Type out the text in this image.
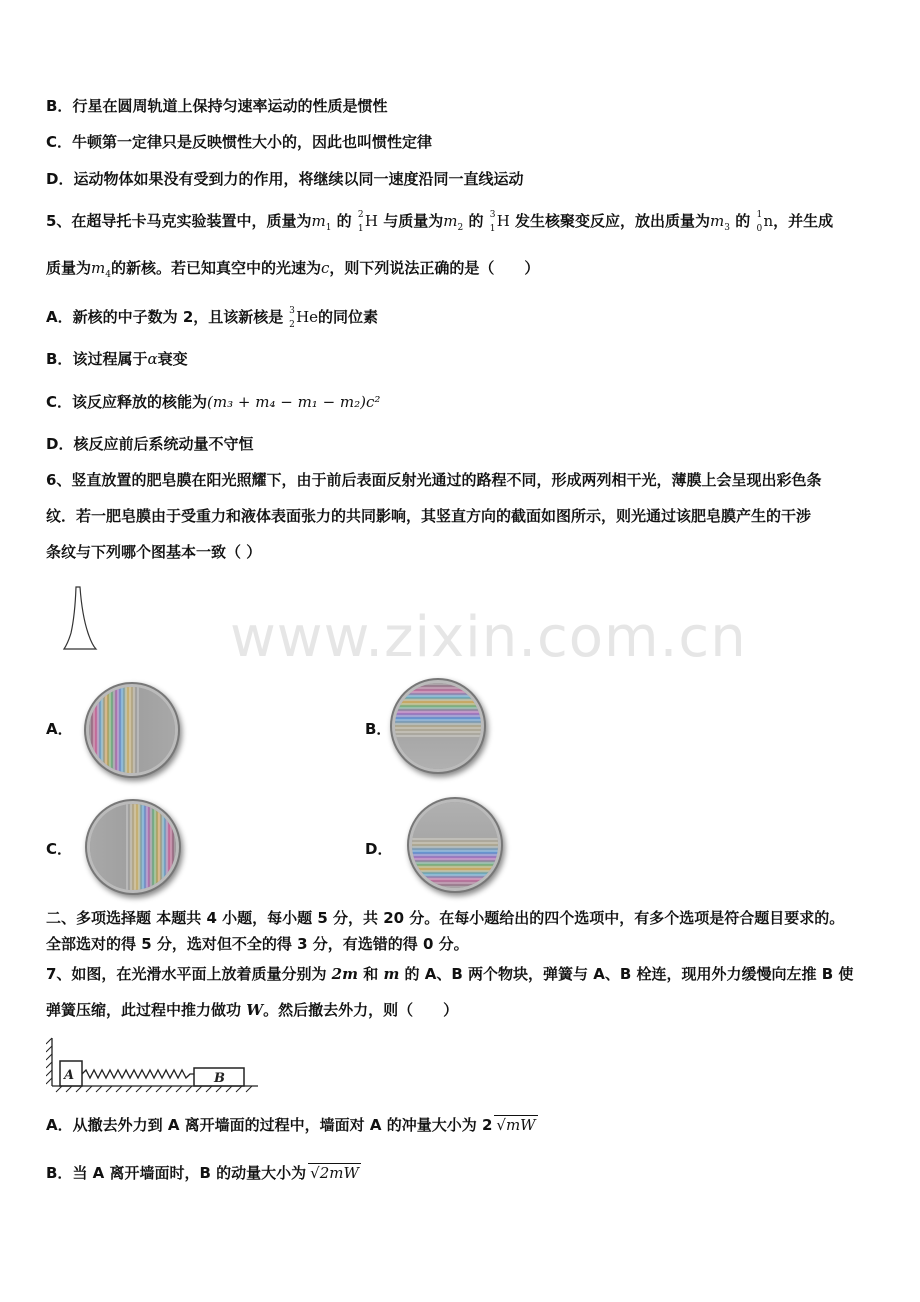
B．行星在圆周轨道上保持匀速率运动的性质是惯性
C．牛顿第一定律只是反映惯性大小的，因此也叫惯性定律
D．运动物体如果没有受到力的作用，将继续以同一速度沿同一直线运动
5、在超导托卡马克实验装置中，质量为$m_1$ 的 2
1 H 与质量为$m_2$ 的 3
1 H 发生核聚变反应，放出质量为$m_3$ 的 1
0 n，并生成
质量为$m_4$的新核。若已知真空中的光速为c，则下列说法正确的是（　　）
A．新核的中子数为 2，且该新核是 3
2 He的同位素
B．该过程属于α衰变
C．该反应释放的核能为(m₃ + m₄ − m₁ − m₂)c²
D．核反应前后系统动量不守恒
6、竖直放置的肥皂膜在阳光照耀下，由于前后表面反射光通过的路程不同，形成两列相干光，薄膜上会呈现出彩色条
纹．若一肥皂膜由于受重力和液体表面张力的共同影响，其竖直方向的截面如图所示，则光通过该肥皂膜产生的干涉
条纹与下列哪个图基本一致（ ）
www.zixin.com.cn
A．	B．
C．	D．
二、多项选择题 本题共 4 小题，每小题 5 分，共 20 分。在每小题给出的四个选项中，有多个选项是符合题目要求的。
全部选对的得 5 分，选对但不全的得 3 分，有选错的得 0 分。
7、如图，在光滑水平面上放着质量分别为 2m 和 m 的 A、B 两个物块，弹簧与 A、B 栓连，现用外力缓慢向左推 B 使
弹簧压缩，此过程中推力做功 W。然后撤去外力，则（　　）
A	B
A．从撤去外力到 A 离开墙面的过程中，墙面对 A 的冲量大小为 2 √mW
B．当 A 离开墙面时，B 的动量大小为 √2mW
